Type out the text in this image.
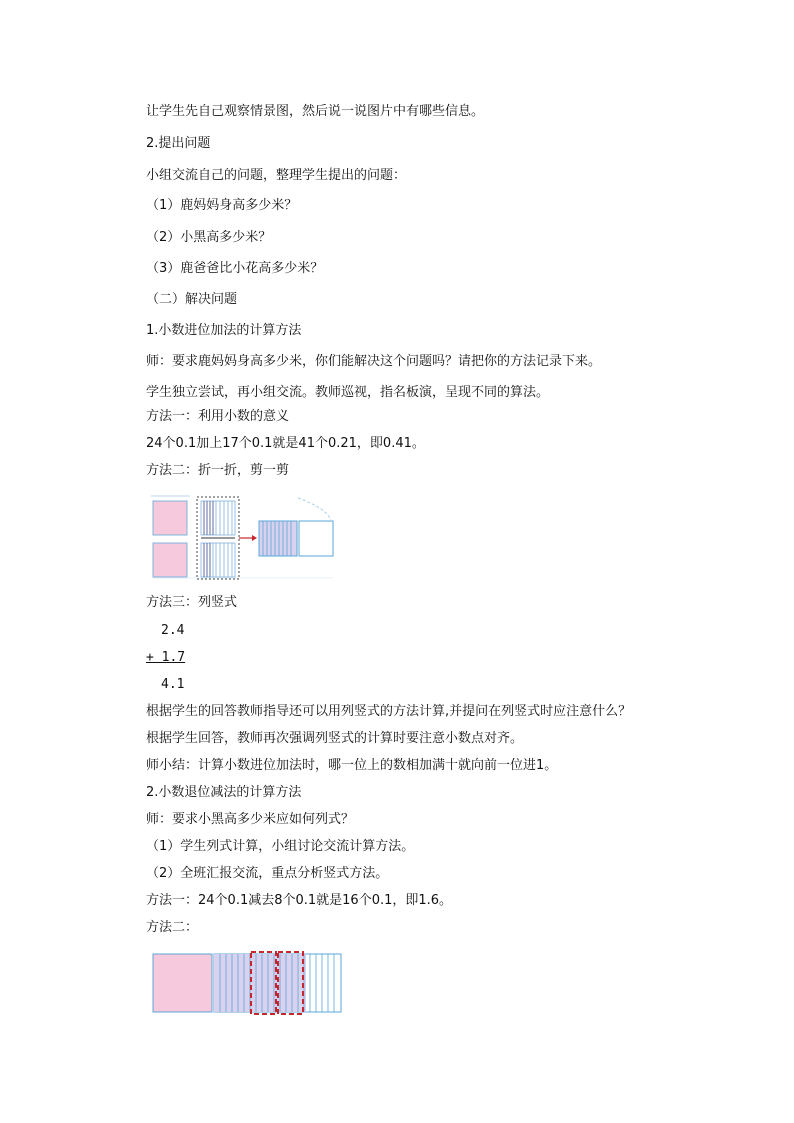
让学生先自己观察情景图，然后说一说图片中有哪些信息。
2.提出问题
小组交流自己的问题，整理学生提出的问题：
（1）鹿妈妈身高多少米？
（2）小黑高多少米？
（3）鹿爸爸比小花高多少米？
（二）解决问题
1.小数进位加法的计算方法
师：要求鹿妈妈身高多少米，你们能解决这个问题吗？请把你的方法记录下来。
学生独立尝试，再小组交流。教师巡视，指名板演，呈现不同的算法。
方法一：利用小数的意义
24个0.1加上17个0.1就是41个0.21，即0.41。
方法二：折一折，剪一剪
方法三：列竖式
2.4
+ 1.7
4.1
根据学生的回答教师指导还可以用列竖式的方法计算,并提问在列竖式时应注意什么？
根据学生回答，教师再次强调列竖式的计算时要注意小数点对齐。
师小结：计算小数进位加法时，哪一位上的数相加满十就向前一位进1。
2.小数退位减法的计算方法
师：要求小黑高多少米应如何列式？
（1）学生列式计算，小组讨论交流计算方法。
（2）全班汇报交流，重点分析竖式方法。
方法一：24个0.1减去8个0.1就是16个0.1，即1.6。
方法二：
